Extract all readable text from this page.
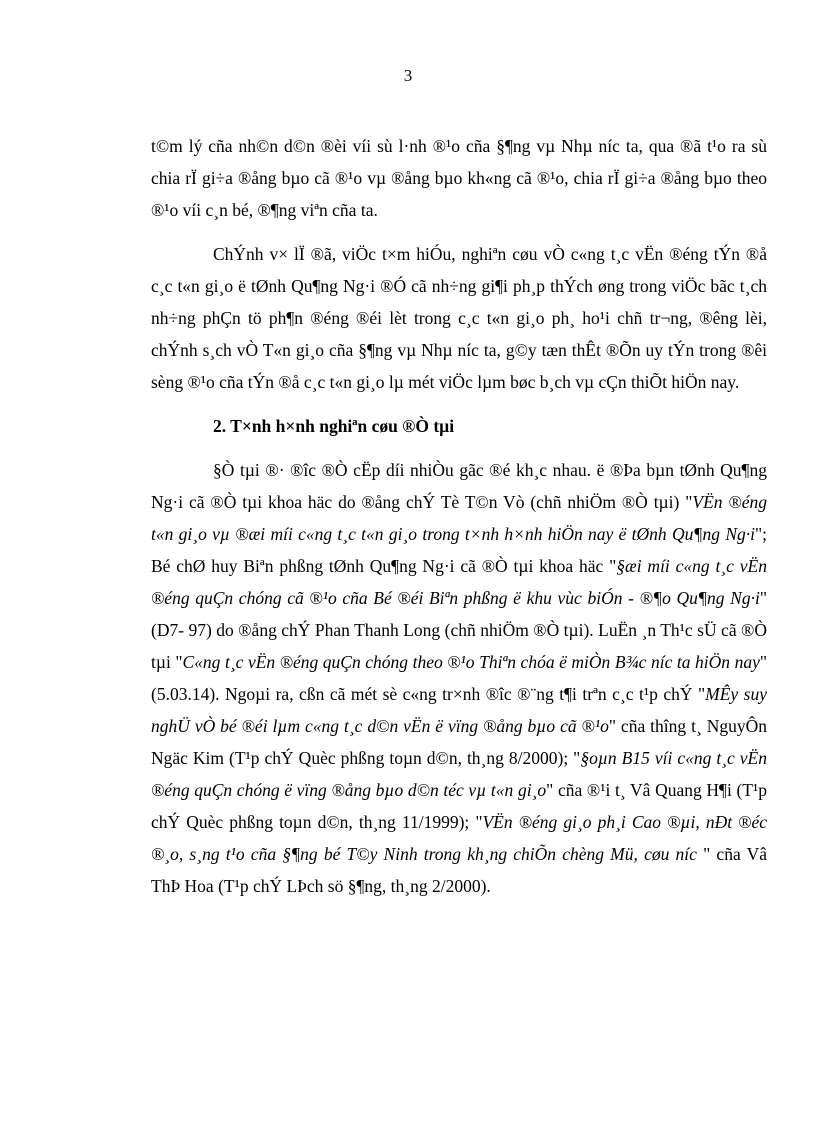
3

t©m lý cña nh©n d©n ®èi víi sù l·nh ®¹o cña §¶ng vµ Nhµ níc ta, qua ®ã t¹o ra sù chia rÏ gi÷a ®ång bµo cã ®¹o vµ ®ång bµo kh«ng cã ®¹o, chia rÏ gi÷a ®ång bµo theo ®¹o víi c¸n bé, ®¶ng viªn cña ta.

ChÝnh v× lÏ ®ã, viÖc t×m hiÓu, nghiªn cøu vÒ c«ng t¸c vËn ®éng tÝn ®å c¸c t«n gi¸o ë tØnh Qu¶ng Ng·i ®Ó cã nh÷ng gi¶i ph¸p thÝch øng trong viÖc bãc t¸ch nh÷ng phÇn tö ph¶n ®éng ®éi lèt trong c¸c t«n gi¸o ph¸ ho¹i chñ tr¬ng, ®êng lèi, chÝnh s¸ch vÒ T«n gi¸o cña §¶ng vµ Nhµ níc ta, g©y tæn thÊt ®Õn uy tÝn trong ®êi sèng ®¹o cña tÝn ®å c¸c t«n gi¸o lµ mét viÖc lµm bøc b¸ch vµ cÇn thiÕt hiÖn nay.

2. T×nh h×nh nghiªn cøu ®Ò tµi

§Ò tµi ®· ®îc ®Ò cËp díi nhiÒu gãc ®é kh¸c nhau. ë ®Þa bµn tØnh Qu¶ng Ng·i cã ®Ò tµi khoa häc do ®ång chÝ Tè T©n Vò (chñ nhiÖm ®Ò tµi) "VËn ®éng t«n gi¸o vµ ®æi míi c«ng t¸c t«n gi¸o trong t×nh h×nh hiÖn nay ë tØnh Qu¶ng Ng·i"; Bé chØ huy Biªn phßng tØnh Qu¶ng Ng·i cã ®Ò tµi khoa häc "§æi míi c«ng t¸c vËn ®éng quÇn chóng cã ®¹o cña Bé ®éi Biªn phßng ë khu vùc biÓn - ®¶o Qu¶ng Ng·i" (D7- 97) do ®ång chÝ Phan Thanh Long (chñ nhiÖm ®Ò tµi). LuËn ¸n Th¹c sÜ cã ®Ò tµi "C«ng t¸c vËn ®éng quÇn chóng theo ®¹o Thiªn chóa ë miÒn B¾c níc ta hiÖn nay" (5.03.14). Ngoµi ra, cßn cã mét sè c«ng tr×nh ®îc ®¨ng t¶i trªn c¸c t¹p chÝ "MÊy suy nghÜ vÒ bé ®éi lµm c«ng t¸c d©n vËn ë vïng ®ång bµo cã ®¹o" cña thîng t¸ NguyÔn Ngäc Kim (T¹p chÝ Quèc phßng toµn d©n, th¸ng 8/2000); "§oµn B15 víi c«ng t¸c vËn ®éng quÇn chóng ë vïng ®ång bµo d©n téc vµ t«n gi¸o" cña ®¹i t¸ Vâ Quang H¶i (T¹p chÝ Quèc phßng toµn d©n, th¸ng 11/1999); "VËn ®éng gi¸o ph¸i Cao ®µi, nÐt ®éc ®¸o, s¸ng t¹o cña §¶ng bé T©y Ninh trong kh¸ng chiÕn chèng Mü, cøu níc " cña Vâ ThÞ Hoa (T¹p chÝ LÞch sö §¶ng, th¸ng 2/2000).
